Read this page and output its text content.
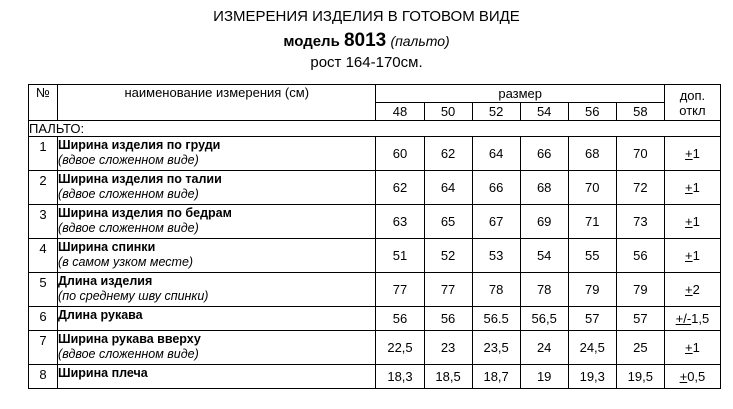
ИЗМЕРЕНИЯ ИЗДЕЛИЯ В ГОТОВОМ ВИДЕ
модель 8013 (пальто)
рост 164-170см.
№	наименование измерения (см)	размер						доп.
откл
		48	50	52	54	56	58	
ПАЛЬТО:								
1	Ширина изделия по груди
(вдвое сложенном виде)	60	62	64	66	68	70	+1
2	Ширина изделия по талии
(вдвое сложенном виде)	62	64	66	68	70	72	+1
3	Ширина изделия по бедрам
(вдвое сложенном виде)	63	65	67	69	71	73	+1
4	Ширина спинки
(в самом узком месте)	51	52	53	54	55	56	+1
5	Длина изделия
(по среднему шву спинки)	77	77	78	78	79	79	+2
6	Длина рукава	56	56	56.5	56,5	57	57	+/-1,5
7	Ширина рукава вверху
(вдвое сложенном виде)	22,5	23	23,5	24	24,5	25	+1
8	Ширина плеча	18,3	18,5	18,7	19	19,3	19,5	+0,5
